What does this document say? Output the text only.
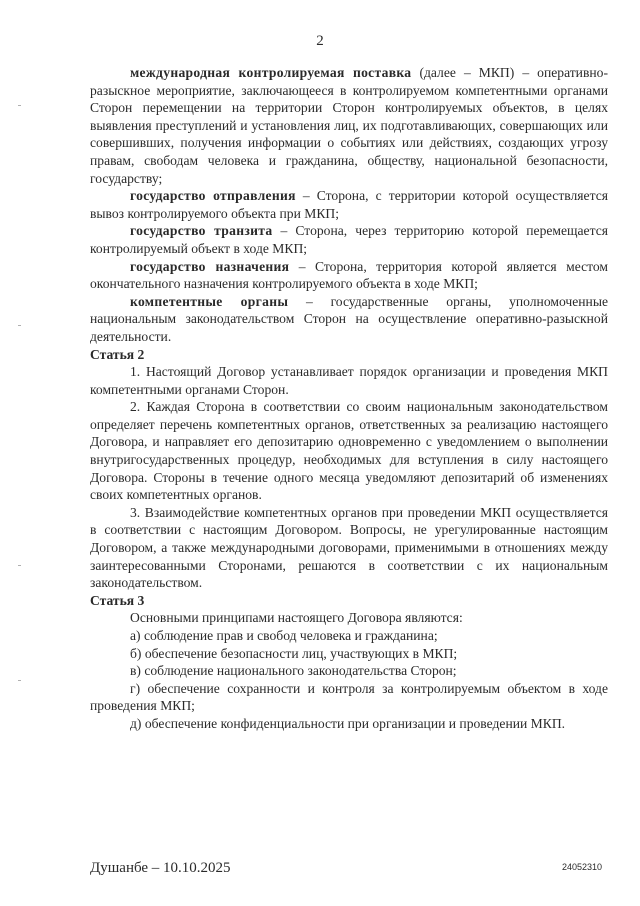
2

международная контролируемая поставка (далее – МКП) – оперативно-разыскное мероприятие, заключающееся в контролируемом компетентными органами Сторон перемещении на территории Сторон контролируемых объектов, в целях выявления преступлений и установления лиц, их подготавливающих, совершающих или совершивших, получения информации о событиях или действиях, создающих угрозу правам, свободам человека и гражданина, обществу, национальной безопасности, государству;

государство отправления – Сторона, с территории которой осуществляется вывоз контролируемого объекта при МКП;

государство транзита – Сторона, через территорию которой перемещается контролируемый объект в ходе МКП;

государство назначения – Сторона, территория которой является местом окончательного назначения контролируемого объекта в ходе МКП;

компетентные органы – государственные органы, уполномоченные национальным законодательством Сторон на осуществление оперативно-разыскной деятельности.

Статья 2

1. Настоящий Договор устанавливает порядок организации и проведения МКП компетентными органами Сторон.

2. Каждая Сторона в соответствии со своим национальным законодательством определяет перечень компетентных органов, ответственных за реализацию настоящего Договора, и направляет его депозитарию одновременно с уведомлением о выполнении внутригосударственных процедур, необходимых для вступления в силу настоящего Договора. Стороны в течение одного месяца уведомляют депозитарий об изменениях своих компетентных органов.

3. Взаимодействие компетентных органов при проведении МКП осуществляется в соответствии с настоящим Договором. Вопросы, не урегулированные настоящим Договором, а также международными договорами, применимыми в отношениях между заинтересованными Сторонами, решаются в соответствии с их национальным законодательством.

Статья 3

Основными принципами настоящего Договора являются:

а) соблюдение прав и свобод человека и гражданина;

б) обеспечение безопасности лиц, участвующих в МКП;

в) соблюдение национального законодательства Сторон;

г) обеспечение сохранности и контроля за контролируемым объектом в ходе проведения МКП;

д) обеспечение конфиденциальности при организации и проведении МКП.

Душанбе – 10.10.2025	24052310
